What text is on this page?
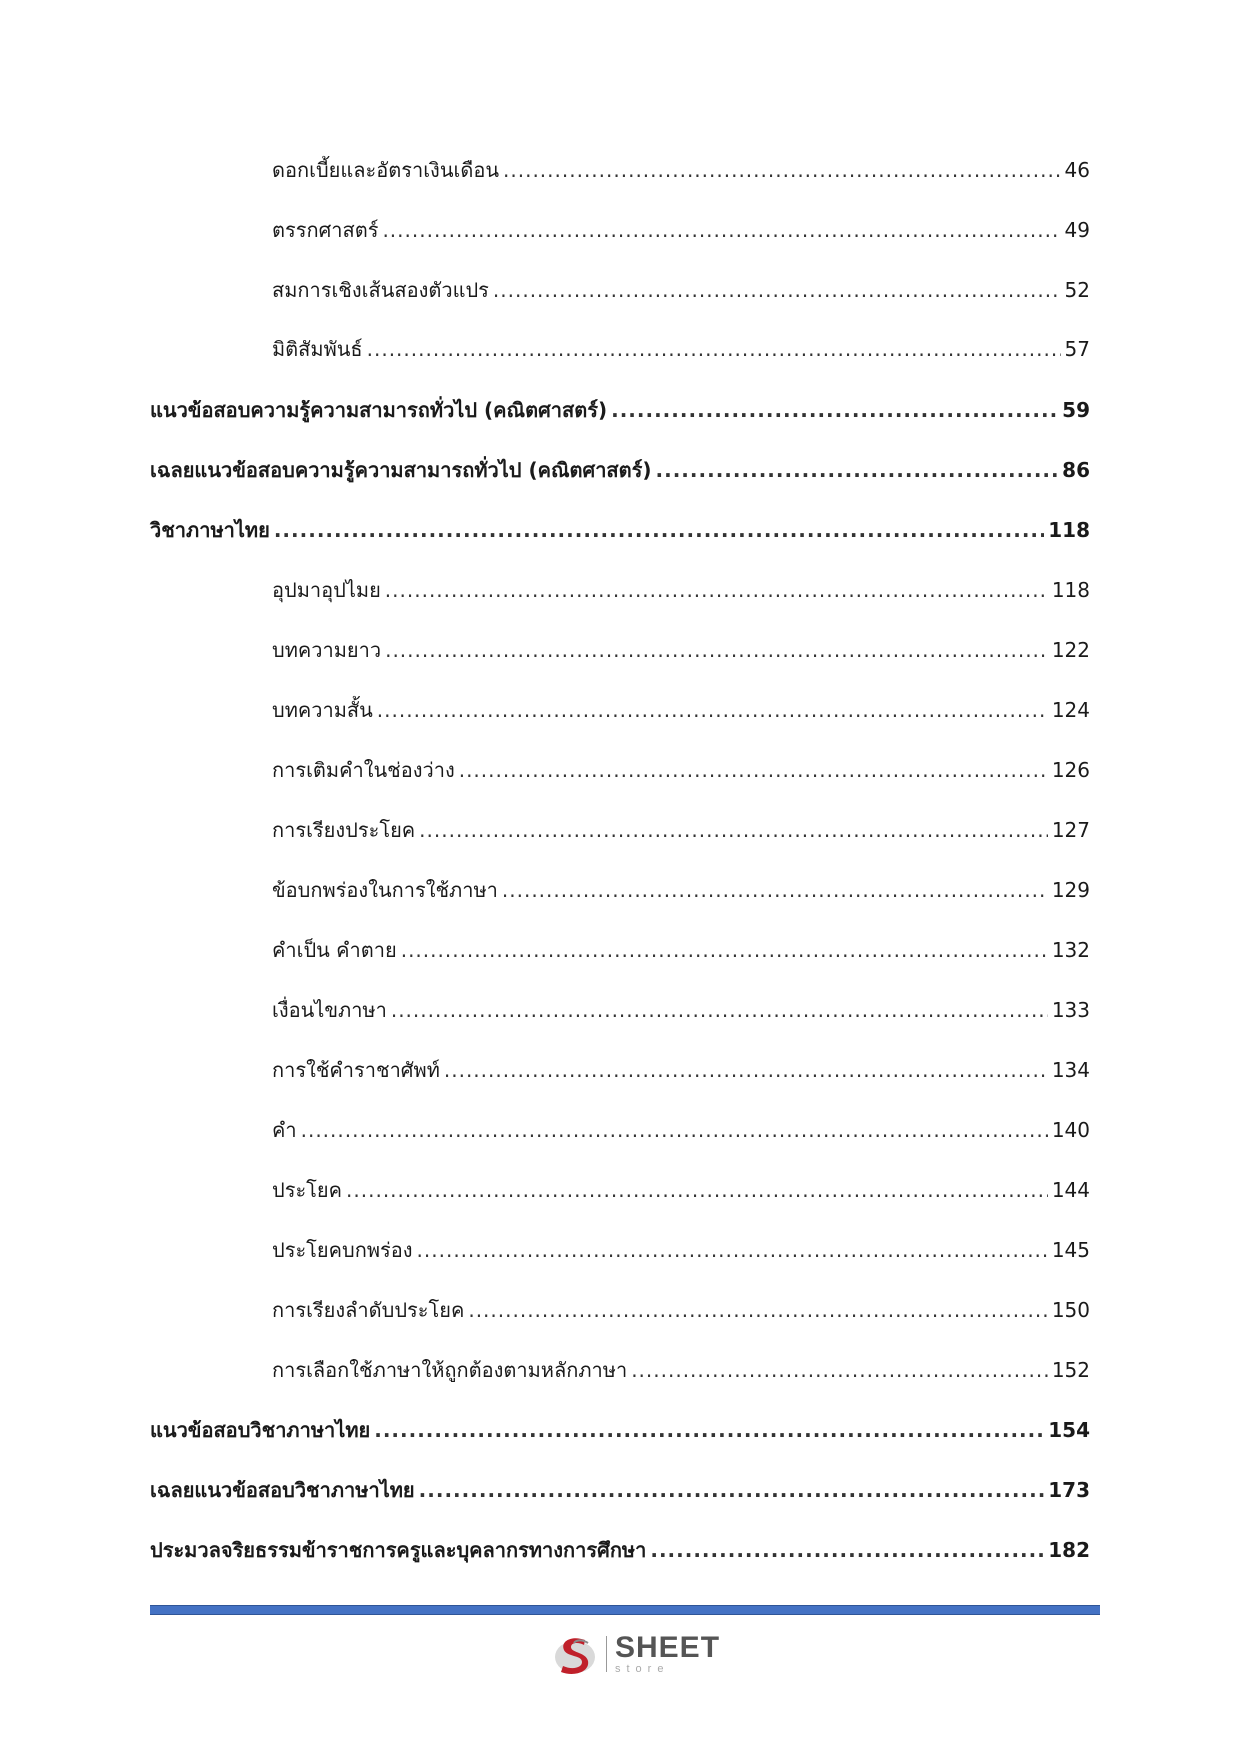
ดอกเบี้ยและอัตราเงินเดือน .....	46
ตรรกศาสตร์ .....	49
สมการเชิงเส้นสองตัวแปร .....	52
มิติสัมพันธ์ .....	57
แนวข้อสอบความรู้ความสามารถทั่วไป (คณิตศาสตร์) .....	59
เฉลยแนวข้อสอบความรู้ความสามารถทั่วไป (คณิตศาสตร์) .....	86
วิชาภาษาไทย .....	118
อุปมาอุปไมย .....	118
บทความยาว .....	122
บทความสั้น .....	124
การเติมคำในช่องว่าง .....	126
การเรียงประโยค .....	127
ข้อบกพร่องในการใช้ภาษา .....	129
คำเป็น คำตาย .....	132
เงื่อนไขภาษา .....	133
การใช้คำราชาศัพท์ .....	134
คำ .....	140
ประโยค .....	144
ประโยคบกพร่อง .....	145
การเรียงลำดับประโยค .....	150
การเลือกใช้ภาษาให้ถูกต้องตามหลักภาษา .....	152
แนวข้อสอบวิชาภาษาไทย .....	154
เฉลยแนวข้อสอบวิชาภาษาไทย .....	173
ประมวลจริยธรรมข้าราชการครูและบุคลากรทางการศึกษา .....	182
SHEET
store
